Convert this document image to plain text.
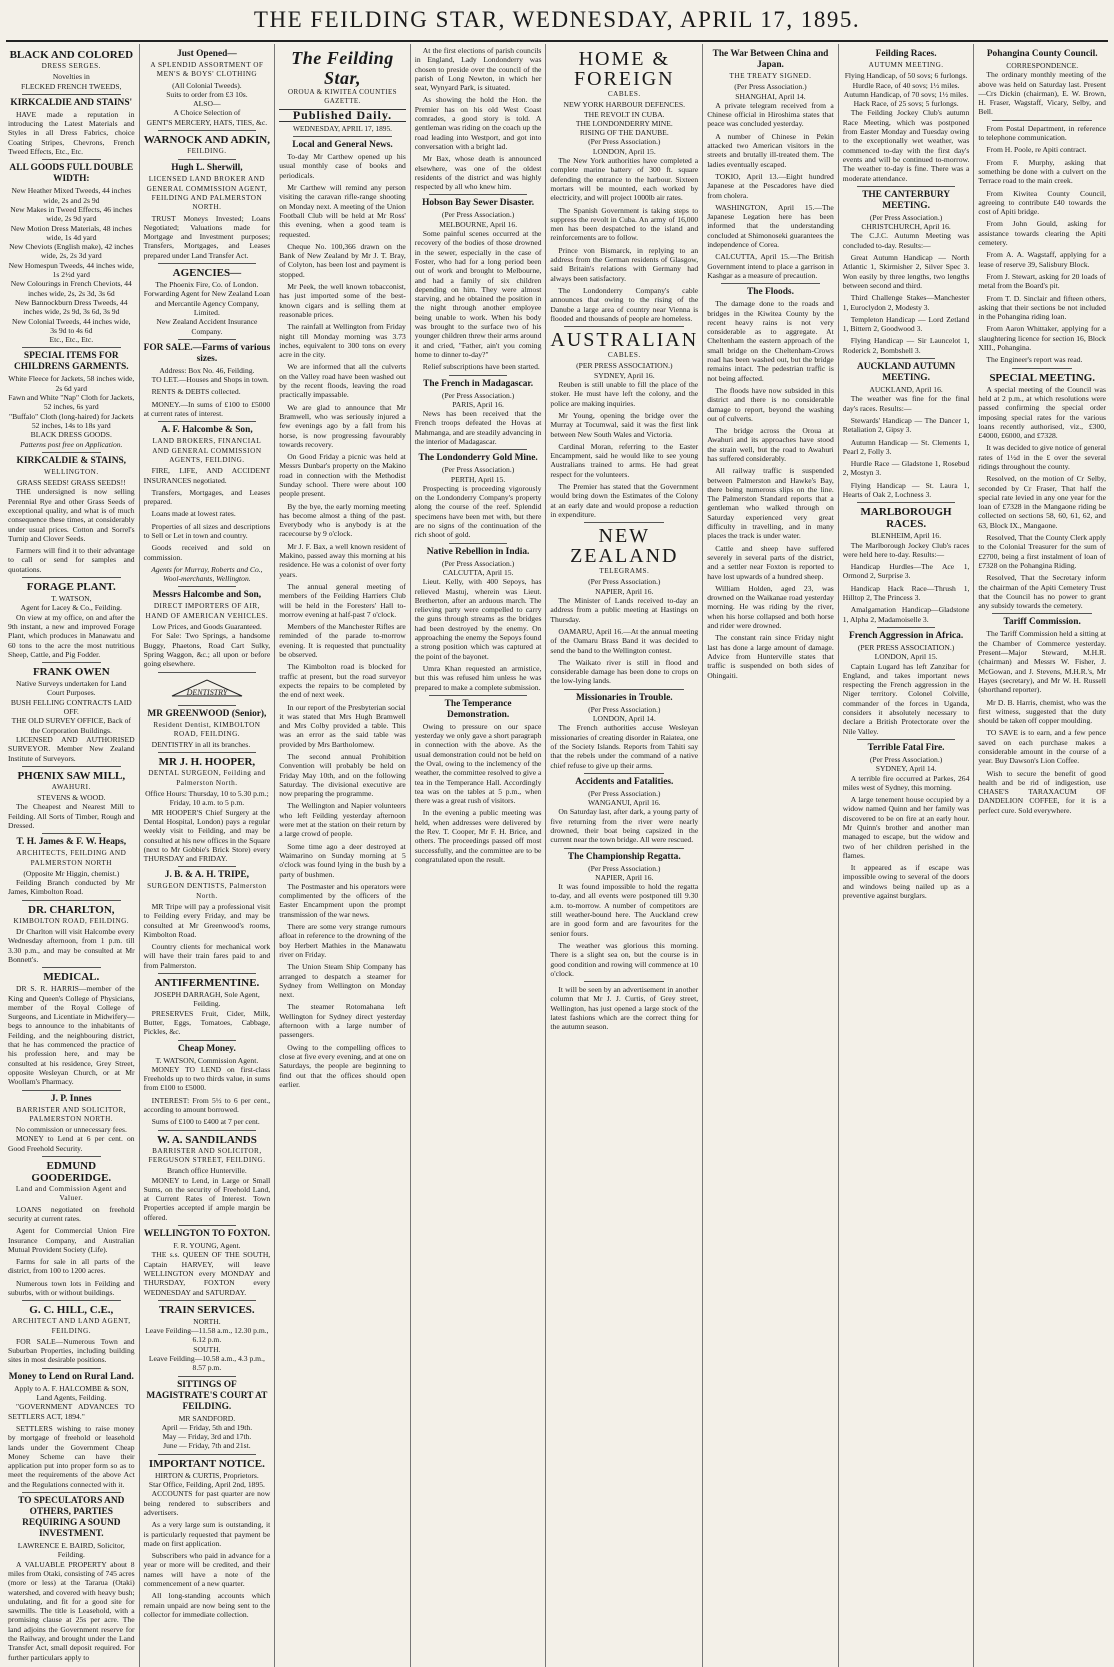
THE FEILDING STAR, WEDNESDAY, APRIL 17, 1895.
BLACK AND COLORED
DRESS SERGES.
Novelties in
FLECKED FRENCH TWEEDS,
KIRKCALDIE AND STAINS'

HAVE made a reputation in introducing the Latest Materials and Styles in all Dress Fabrics, choice Coating Stripes, Chevrons, French Tweed Effects, Etc., Etc.

ALL GOODS FULL DOUBLE WIDTH:
New Heather Mixed Tweeds, 44 inches wide, 2s and 2s 9d
New Makes in Tweed Effects, 46 inches wide, 2s 9d yard
New Motion Dress Materials, 48 inches wide, 1s 4d yard
New Cheviots (English make), 42 inches wide, 2s, 2s 3d yard
New Homespun Tweeds, 44 inches wide, 1s 2½d yard
New Colourings in French Cheviots, 44 inches wide, 2s, 2s 3d, 3s 6d
New Bannockburn Dress Tweeds, 44 inches wide, 2s 9d, 3s 6d, 3s 9d
New Colonial Tweeds, 44 inches wide, 3s 9d to 4s 6d
Etc., Etc., Etc.
SPECIAL ITEMS FOR CHILDRENS GARMENTS.
White Fleece for Jackets, 58 inches wide, 2s 6d yard
Fawn and White "Nap" Cloth for Jackets, 52 inches, 6s yard
"Buffalo" Cloth (long-haired) for Jackets 52 inches, 14s to 18s yard
BLACK DRESS GOODS.
Patterns post free on Application.
KIRKCALDIE & STAINS,
WELLINGTON.
GRASS SEEDS! GRASS SEEDS!!

THE undersigned is now selling Perennial Rye and other Grass Seeds of exceptional quality, and what is of much consequence these times, at considerably under usual prices. Cotton and Sorrel's Turnip and Clover Seeds.

Farmers will find it to their advantage to call or send for samples and quotations.

FORAGE PLANT.
T. WATSON,
Agent for Lacey & Co., Feilding.

On view at my office, on and after the 9th instant, a new and improved Forage Plant, which produces in Manawatu and 60 tons to the acre the most nutritious Sheep, Cattle, and Pig Fodder.

FRANK OWEN
Native Surveys undertaken for Land Court Purposes.
BUSH FELLING CONTRACTS LAID OFF.
THE OLD SURVEY OFFICE, Back of the Corporation Buildings.

LICENSED AND AUTHORISED SURVEYOR. Member New Zealand Institute of Surveyors.

PHŒNIX SAW MILL,
AWAHURI.
STEVENS & WOOD.

The Cheapest and Nearest Mill to Feilding. All Sorts of Timber, Rough and Dressed.

T. H. James & F. W. Heaps,
ARCHITECTS, FEILDING AND PALMERSTON NORTH
(Opposite Mr Higgin, chemist.)

Feilding Branch conducted by Mr James, Kimbolton Road.

DR. CHARLTON,
KIMBOLTON ROAD, FEILDING.

Dr Charlton will visit Halcombe every Wednesday afternoon, from 1 p.m. till 3.30 p.m., and may be consulted at Mr Bonnett's.

MEDICAL.

DR S. R. HARRIS—member of the King and Queen's College of Physicians, member of the Royal College of Surgeons, and Licentiate in Midwifery—begs to announce to the inhabitants of Feilding, and the neighbouring district, that he has commenced the practice of his profession here, and may be consulted at his residence, Grey Street, opposite Wesleyan Church, or at Mr Woollam's Pharmacy.

J. P. Innes
BARRISTER AND SOLICITOR, PALMERSTON NORTH.
No commission or unnecessary fees.

MONEY to Lend at 6 per cent. on Good Freehold Security.

EDMUND GOODERIDGE.
Land and Commission Agent and Valuer.

LOANS negotiated on freehold security at current rates.

Agent for Commercial Union Fire Insurance Company, and Australian Mutual Provident Society (Life).

Farms for sale in all parts of the district, from 100 to 1200 acres.

Numerous town lots in Feilding and suburbs, with or without buildings.

G. C. HILL, C.E.,
ARCHITECT AND LAND AGENT, FEILDING.

FOR SALE—Numerous Town and Suburban Properties, including building sites in most desirable positions.

Money to Lend on Rural Land.
Apply to A. F. HALCOMBE & SON, Land Agents, Feilding.

"GOVERNMENT ADVANCES TO SETTLERS ACT, 1894."

SETTLERS wishing to raise money by mortgage of freehold or leasehold lands under the Government Cheap Money Scheme can have their application put into proper form so as to meet the requirements of the above Act and the Regulations connected with it.

TO SPECULATORS AND OTHERS, PARTIES REQUIRING A SOUND INVESTMENT.
LAWRENCE E. BAIRD, Solicitor, Feilding.

A VALUABLE PROPERTY about 8 miles from Otaki, consisting of 745 acres (more or less) at the Tararua (Otaki) watershed, and covered with heavy bush; undulating, and fit for a good site for sawmills. The title is Leasehold, with a promising clause at 25s per acre. The land adjoins the Government reserve for the Railway, and brought under the Land Transfer Act, small deposit required. For further particulars apply to

Just Opened—
A SPLENDID ASSORTMENT OF MEN'S & BOYS' CLOTHING
(All Colonial Tweeds).
Suits to order from £3 10s.
ALSO—
A Choice Selection of
GENT'S MERCERY, HATS, TIES, &c.
WARNOCK AND ADKIN,
FEILDING.
Hugh L. Sherwill,
LICENSED LAND BROKER AND GENERAL COMMISSION AGENT, FEILDING AND PALMERSTON NORTH.

TRUST Moneys Invested; Loans Negotiated; Valuations made for Mortgage and Investment purposes; Transfers, Mortgages, and Leases prepared under Land Transfer Act.

AGENCIES—
The Phoenix Fire, Co. of London.
Forwarding Agent for New Zealand Loan and Mercantile Agency Company, Limited.
New Zealand Accident Insurance Company.
FOR SALE.—Farms of various sizes.
Address: Box No. 46, Feilding.

TO LET.—Houses and Shops in town.

RENTS & DEBTS collected.

MONEY.—In sums of £100 to £5000 at current rates of interest.

A. F. Halcombe & Son,
LAND BROKERS, FINANCIAL AND GENERAL COMMISSION AGENTS, FEILDING.

FIRE, LIFE, AND ACCIDENT INSURANCES negotiated.

Transfers, Mortgages, and Leases prepared.

Loans made at lowest rates.

Properties of all sizes and descriptions to Sell or Let in town and country.

Goods received and sold on commission.

Agents for Murray, Roberts and Co., Wool-merchants, Wellington.
Messrs Halcombe and Son,
DIRECT IMPORTERS OF AIR, HAND OF AMERICAN VEHICLES.
Low Prices, and Goods Guaranteed.

For Sale: Two Springs, a handsome Buggy, Phaetons, Road Cart Sulky, Spring Waggon, &c.; all upon or before going elsewhere.

DENTISTRY
MR GREENWOOD (Senior),
Resident Dentist, KIMBOLTON ROAD, FEILDING.

DENTISTRY in all its branches.

MR J. H. HOOPER,
DENTAL SURGEON, Feilding and Palmerston North.
Office Hours: Thursday, 10 to 5.30 p.m.; Friday, 10 a.m. to 5 p.m.

MR HOOPER'S Chief Surgery at the Dental Hospital, London) pays a regular weekly visit to Feilding, and may be consulted at his new offices in the Square (next to Mr Gobbie's Brick Store) every THURSDAY and FRIDAY.

J. B. & A. H. TRIPE,
SURGEON DENTISTS, Palmerston North.

MR Tripe will pay a professional visit to Feilding every Friday, and may be consulted at Mr Greenwood's rooms, Kimbolton Road.

Country clients for mechanical work will have their train fares paid to and from Palmerston.

ANTIFERMENTINE.
JOSEPH DARRAGH, Sole Agent, Feilding.

PRESERVES Fruit, Cider, Milk, Butter, Eggs, Tomatoes, Cabbage, Pickles, &c.

Cheap Money.
T. WATSON, Commission Agent.

MONEY TO LEND on first-class Freeholds up to two thirds value, in sums from £100 to £5000.

INTEREST: From 5½ to 6 per cent., according to amount borrowed.

Sums of £100 to £400 at 7 per cent.

W. A. SANDILANDS
BARRISTER AND SOLICITOR, FERGUSON STREET, FEILDING.
Branch office Hunterville.

MONEY to Lend, in Large or Small Sums, on the security of Freehold Land, at Current Rates of Interest. Town Properties accepted if ample margin be offered.

WELLINGTON TO FOXTON.
F. R. YOUNG, Agent.

THE s.s. QUEEN OF THE SOUTH, Captain HARVEY, will leave WELLINGTON every MONDAY and THURSDAY, FOXTON every WEDNESDAY and SATURDAY.

TRAIN SERVICES.
NORTH.
Leave Feilding—11.58 a.m., 12.30 p.m., 6.12 p.m.
SOUTH.
Leave Feilding—10.58 a.m., 4.3 p.m., 8.57 p.m.
SITTINGS OF MAGISTRATE'S COURT AT FEILDING.
MR SANDFORD.
April — Friday, 5th and 19th.
May — Friday, 3rd and 17th.
June — Friday, 7th and 21st.
IMPORTANT NOTICE.
HIRTON & CURTIS, Proprietors.
Star Office, Feilding, April 2nd, 1895.

ACCOUNTS for past quarter are now being rendered to subscribers and advertisers.

As a very large sum is outstanding, it is particularly requested that payment be made on first application.

Subscribers who paid in advance for a year or more will be credited, and their names will have a note of the commencement of a new quarter.

All long-standing accounts which remain unpaid are now being sent to the collector for immediate collection.

The Feilding Star,
OROUA & KIWITEA COUNTIES GAZETTE.
Published Daily.
WEDNESDAY, APRIL 17, 1895.
Local and General News.

To-day Mr Carthew opened up his usual monthly case of books and periodicals.

Mr Carthew will remind any person visiting the caravan rifle-range shooting on Monday next. A meeting of the Union Football Club will be held at Mr Ross' this evening, when a good team is requested.

Cheque No. 100,366 drawn on the Bank of New Zealand by Mr J. T. Bray, of Colyton, has been lost and payment is stopped.

Mr Peek, the well known tobacconist, has just imported some of the best-known cigars and is selling them at reasonable prices.

The rainfall at Wellington from Friday night till Monday morning was 3.73 inches, equivalent to 300 tons on every acre in the city.

We are informed that all the culverts on the Valley road have been washed out by the recent floods, leaving the road practically impassable.

We are glad to announce that Mr Bramwell, who was seriously injured a few evenings ago by a fall from his horse, is now progressing favourably towards recovery.

On Good Friday a picnic was held at Messrs Dunbar's property on the Makino road in connection with the Methodist Sunday school. There were about 100 people present.

By the bye, the early morning meeting has become almost a thing of the past. Everybody who is anybody is at the racecourse by 9 o'clock.

Mr J. F. Bax, a well known resident of Makino, passed away this morning at his residence. He was a colonist of over forty years.

The annual general meeting of members of the Feilding Harriers Club will be held in the Foresters' Hall to-morrow evening at half-past 7 o'clock.

Members of the Manchester Rifles are reminded of the parade to-morrow evening. It is requested that punctuality be observed.

The Kimbolton road is blocked for traffic at present, but the road surveyor expects the repairs to be completed by the end of next week.

In our report of the Presbyterian social it was stated that Mrs Hugh Bramwell and Mrs Colby provided a table. This was an error as the said table was provided by Mrs Bartholomew.

The second annual Prohibition Convention will probably be held on Friday May 10th, and on the following Saturday. The divisional executive are now preparing the programme.

The Wellington and Napier volunteers who left Feilding yesterday afternoon were met at the station on their return by a large crowd of people.

Some time ago a deer destroyed at Waimarino on Sunday morning at 5 o'clock was found lying in the bush by a party of bushmen.

The Postmaster and his operators were complimented by the officers of the Easter Encampment upon the prompt transmission of the war news.

There are some very strange rumours afloat in reference to the drowning of the boy Herbert Mathies in the Manawatu river on Friday.

The Union Steam Ship Company has arranged to despatch a steamer for Sydney from Wellington on Monday next.

The steamer Rotomahana left Wellington for Sydney direct yesterday afternoon with a large number of passengers.

Owing to the compelling offices to close at five every evening, and at one on Saturdays, the people are beginning to find out that the offices should open earlier.

At the first elections of parish councils in England, Lady Londonderry was chosen to preside over the council of the parish of Long Newton, in which her seat, Wynyard Park, is situated.

As showing the hold the Hon. the Premier has on his old West Coast comrades, a good story is told. A gentleman was riding on the coach up the road leading into Westport, and got into conversation with a bright lad.

Mr Bax, whose death is announced elsewhere, was one of the oldest residents of the district and was highly respected by all who knew him.

Hobson Bay Sewer Disaster.
(Per Press Association.)
MELBOURNE, April 16.

Some painful scenes occurred at the recovery of the bodies of those drowned in the sewer, especially in the case of Foster, who had for a long period been out of work and brought to Melbourne, and had a family of six children depending on him. They were almost starving, and he obtained the position in the night through another employee being unable to work. When his body was brought to the surface two of his younger children threw their arms around it and cried, "Father, ain't you coming home to dinner to-day?"

Relief subscriptions have been started.

The French in Madagascar.
(Per Press Association.)
PARIS, April 16.

News has been received that the French troops defeated the Hovas at Mahmanga, and are steadily advancing in the interior of Madagascar.

The Londonderry Gold Mine.
(Per Press Association.)
PERTH, April 15.

Prospecting is proceeding vigorously on the Londonderry Company's property along the course of the reef. Splendid specimens have been met with, but there are no signs of the continuation of the rich shoot of gold.

Native Rebellion in India.
(Per Press Association.)
CALCUTTA, April 15.

Lieut. Kelly, with 400 Sepoys, has relieved Mastuj, wherein was Lieut. Bretherton, after an arduous march. The relieving party were compelled to carry the guns through streams as the bridges had been destroyed by the enemy. On approaching the enemy the Sepoys found a strong position which was captured at the point of the bayonet.

Umra Khan requested an armistice, but this was refused him unless he was prepared to make a complete submission.

The Temperance Demonstration.

Owing to pressure on our space yesterday we only gave a short paragraph in connection with the above. As the usual demonstration could not be held on the Oval, owing to the inclemency of the weather, the committee resolved to give a tea in the Temperance Hall. Accordingly tea was on the tables at 5 p.m., when there was a great rush of visitors.

In the evening a public meeting was held, when addresses were delivered by the Rev. T. Cooper, Mr F. H. Brice, and others. The proceedings passed off most successfully, and the committee are to be congratulated upon the result.

HOME & FOREIGN
CABLES.
NEW YORK HARBOUR DEFENCES.
THE REVOLT IN CUBA.
THE LONDONDERRY MINE.
RISING OF THE DANUBE.
(Per Press Association.)
LONDON, April 15.

The New York authorities have completed a complete marine battery of 300 ft. square defending the entrance to the harbour. Sixteen mortars will be mounted, each worked by electricity, and will project 1000lb air rates.

The Spanish Government is taking steps to suppress the revolt in Cuba. An army of 16,000 men has been despatched to the island and reinforcements are to follow.

Prince von Bismarck, in replying to an address from the German residents of Glasgow, said Britain's relations with Germany had always been satisfactory.

The Londonderry Company's cable announces that owing to the rising of the Danube a large area of country near Vienna is flooded and thousands of people are homeless.

AUSTRALIAN
CABLES.
(PER PRESS ASSOCIATION.)
SYDNEY, April 16.

Reuben is still unable to fill the place of the stoker. He must have left the colony, and the police are making inquiries.

Mr Young, opening the bridge over the Murray at Tocumwal, said it was the first link between New South Wales and Victoria.

Cardinal Moran, referring to the Easter Encampment, said he would like to see young Australians trained to arms. He had great respect for the volunteers.

The Premier has stated that the Government would bring down the Estimates of the Colony at an early date and would propose a reduction in expenditure.

NEW ZEALAND
TELEGRAMS.
(Per Press Association.)
NAPIER, April 16.

The Minister of Lands received to-day an address from a public meeting at Hastings on Thursday.

OAMARU, April 16.—At the annual meeting of the Oamaru Brass Band it was decided to send the band to the Wellington contest.

The Waikato river is still in flood and considerable damage has been done to crops on the low-lying lands.

Missionaries in Trouble.
(Per Press Association.)
LONDON, April 14.

The French authorities accuse Wesleyan missionaries of creating disorder in Raiatea, one of the Society Islands. Reports from Tahiti say that the rebels under the command of a native chief refuse to give up their arms.

Accidents and Fatalities.
(Per Press Association.)
WANGANUI, April 16.

On Saturday last, after dark, a young party of five returning from the river were nearly drowned, their boat being capsized in the current near the town bridge. All were rescued.

The Championship Regatta.
(Per Press Association.)
NAPIER, April 16.

It was found impossible to hold the regatta to-day, and all events were postponed till 9.30 a.m. to-morrow. A number of competitors are still weather-bound here. The Auckland crew are in good form and are favourites for the senior fours.

The weather was glorious this morning. There is a slight sea on, but the course is in good condition and rowing will commence at 10 o'clock.

It will be seen by an advertisement in another column that Mr J. J. Curtis, of Grey street, Wellington, has just opened a large stock of the latest fashions which are the correct thing for the autumn season.

The War Between China and Japan.
THE TREATY SIGNED.
(Per Press Association.)
SHANGHAI, April 14.

A private telegram received from a Chinese official in Hiroshima states that peace was concluded yesterday.

A number of Chinese in Pekin attacked two American visitors in the streets and brutally ill-treated them. The ladies eventually escaped.

TOKIO, April 13.—Eight hundred Japanese at the Pescadores have died from cholera.

WASHINGTON, April 15.—The Japanese Legation here has been informed that the understanding concluded at Shimonoseki guarantees the independence of Corea.

CALCUTTA, April 15.—The British Government intend to place a garrison in Kashgar as a measure of precaution.

The Floods.

The damage done to the roads and bridges in the Kiwitea County by the recent heavy rains is not very considerable as to aggregate. At Cheltenham the eastern approach of the small bridge on the Cheltenham-Crows road has been washed out, but the bridge remains intact. The pedestrian traffic is not being affected.

The floods have now subsided in this district and there is no considerable damage to report, beyond the washing out of culverts.

The bridge across the Oroua at Awahuri and its approaches have stood the strain well, but the road to Awahuri has suffered considerably.

All railway traffic is suspended between Palmerston and Hawke's Bay, there being numerous slips on the line. The Palmerston Standard reports that a gentleman who walked through on Saturday experienced very great difficulty in travelling, and in many places the track is under water.

Cattle and sheep have suffered severely in several parts of the district, and a settler near Foxton is reported to have lost upwards of a hundred sheep.

William Holden, aged 23, was drowned on the Waikanae road yesterday morning. He was riding by the river, when his horse collapsed and both horse and rider were drowned.

The constant rain since Friday night last has done a large amount of damage. Advice from Hunterville states that traffic is suspended on both sides of Ohingaiti.

Feilding Races.
AUTUMN MEETING.
Flying Handicap, of 50 sovs; 6 furlongs.
Hurdle Race, of 40 sovs; 1½ miles.
Autumn Handicap, of 70 sovs; 1½ miles.
Hack Race, of 25 sovs; 5 furlongs.

The Feilding Jockey Club's autumn Race Meeting, which was postponed from Easter Monday and Tuesday owing to the exceptionally wet weather, was commenced to-day with the first day's events and will be continued to-morrow. The weather to-day is fine. There was a moderate attendance.

THE CANTERBURY MEETING.
(Per Press Association.)
CHRISTCHURCH, April 16.

The C.J.C. Autumn Meeting was concluded to-day. Results:—

Great Autumn Handicap — North Atlantic 1, Skirmisher 2, Silver Spec 3. Won easily by three lengths, two lengths between second and third.

Third Challenge Stakes—Manchester 1, Euroclydon 2, Modesty 3.

Templeton Handicap — Lord Zetland 1, Bittern 2, Goodwood 3.

Flying Handicap — Sir Launcelot 1, Roderick 2, Bombshell 3.

AUCKLAND AUTUMN MEETING.
AUCKLAND, April 16.

The weather was fine for the final day's races. Results:—

Stewards' Handicap — The Dancer 1, Retaliation 2, Gipsy 3.

Autumn Handicap — St. Clements 1, Pearl 2, Folly 3.

Hurdle Race — Gladstone 1, Rosebud 2, Mostyn 3.

Flying Handicap — St. Laura 1, Hearts of Oak 2, Lochness 3.

MARLBOROUGH RACES.
BLENHEIM, April 16.

The Marlborough Jockey Club's races were held here to-day. Results:—

Handicap Hurdles—The Ace 1, Ormond 2, Surprise 3.

Handicap Hack Race—Thrush 1, Hilltop 2, The Princess 3.

Amalgamation Handicap—Gladstone 1, Alpha 2, Madamoiselle 3.

French Aggression in Africa.
(PER PRESS ASSOCIATION.)
LONDON, April 15.

Captain Lugard has left Zanzibar for England, and takes important news respecting the French aggression in the Niger territory. Colonel Colville, commander of the forces in Uganda, considers it absolutely necessary to declare a British Protectorate over the Nile Valley.

Terrible Fatal Fire.
(Per Press Association.)
SYDNEY, April 14.

A terrible fire occurred at Parkes, 264 miles west of Sydney, this morning.

A large tenement house occupied by a widow named Quinn and her family was discovered to be on fire at an early hour. Mr Quinn's brother and another man managed to escape, but the widow and two of her children perished in the flames.

It appeared as if escape was impossible owing to several of the doors and windows being nailed up as a preventive against burglars.

Pohangina County Council.
CORRESPONDENCE.

The ordinary monthly meeting of the above was held on Saturday last. Present—Crs Dickin (chairman), E. W. Brown, H. Fraser, Wagstaff, Vicary, Selby, and Bell.

From Postal Department, in reference to telephone communication.

From H. Poole, re Apiti contract.

From F. Murphy, asking that something be done with a culvert on the Terrace road to the main creek.

From Kiwitea County Council, agreeing to contribute £40 towards the cost of Apiti bridge.

From John Gould, asking for assistance towards clearing the Apiti cemetery.

From A. A. Wagstaff, applying for a lease of reserve 39, Salisbury Block.

From J. Stewart, asking for 20 loads of metal from the Board's pit.

From T. D. Sinclair and fifteen others, asking that their sections be not included in the Pohangina riding loan.

From Aaron Whittaker, applying for a slaughtering licence for section 16, Block XIII., Pohangina.

The Engineer's report was read.

SPECIAL MEETING.

A special meeting of the Council was held at 2 p.m., at which resolutions were passed confirming the special order imposing special rates for the various loans recently authorised, viz., £300, £4000, £6000, and £7328.

It was decided to give notice of general rates of 1½d in the £ over the several ridings throughout the county.

Resolved, on the motion of Cr Selby, seconded by Cr Fraser, That half the special rate levied in any one year for the loan of £7328 in the Mangaone riding be collected on sections 58, 60, 61, 62, and 63, Block IX., Mangaone.

Resolved, That the County Clerk apply to the Colonial Treasurer for the sum of £2700, being a first instalment of loan of £7328 on the Pohangina Riding.

Resolved, That the Secretary inform the chairman of the Apiti Cemetery Trust that the Council has no power to grant any subsidy towards the cemetery.

Tariff Commission.

The Tariff Commission held a sitting at the Chamber of Commerce yesterday. Present—Major Steward, M.H.R. (chairman) and Messrs W. Fisher, J. McGowan, and J. Stevens, M.H.R.'s, Mr Hayes (secretary), and Mr W. H. Russell (shorthand reporter).

Mr D. B. Harris, chemist, who was the first witness, suggested that the duty should be taken off copper moulding.

TO SAVE is to earn, and a few pence saved on each purchase makes a considerable amount in the course of a year. Buy Dawson's Lion Coffee.

Wish to secure the benefit of good health and be rid of indigestion, use CHASE'S TARAXACUM OF DANDELION COFFEE, for it is a perfect cure. Sold everywhere.
